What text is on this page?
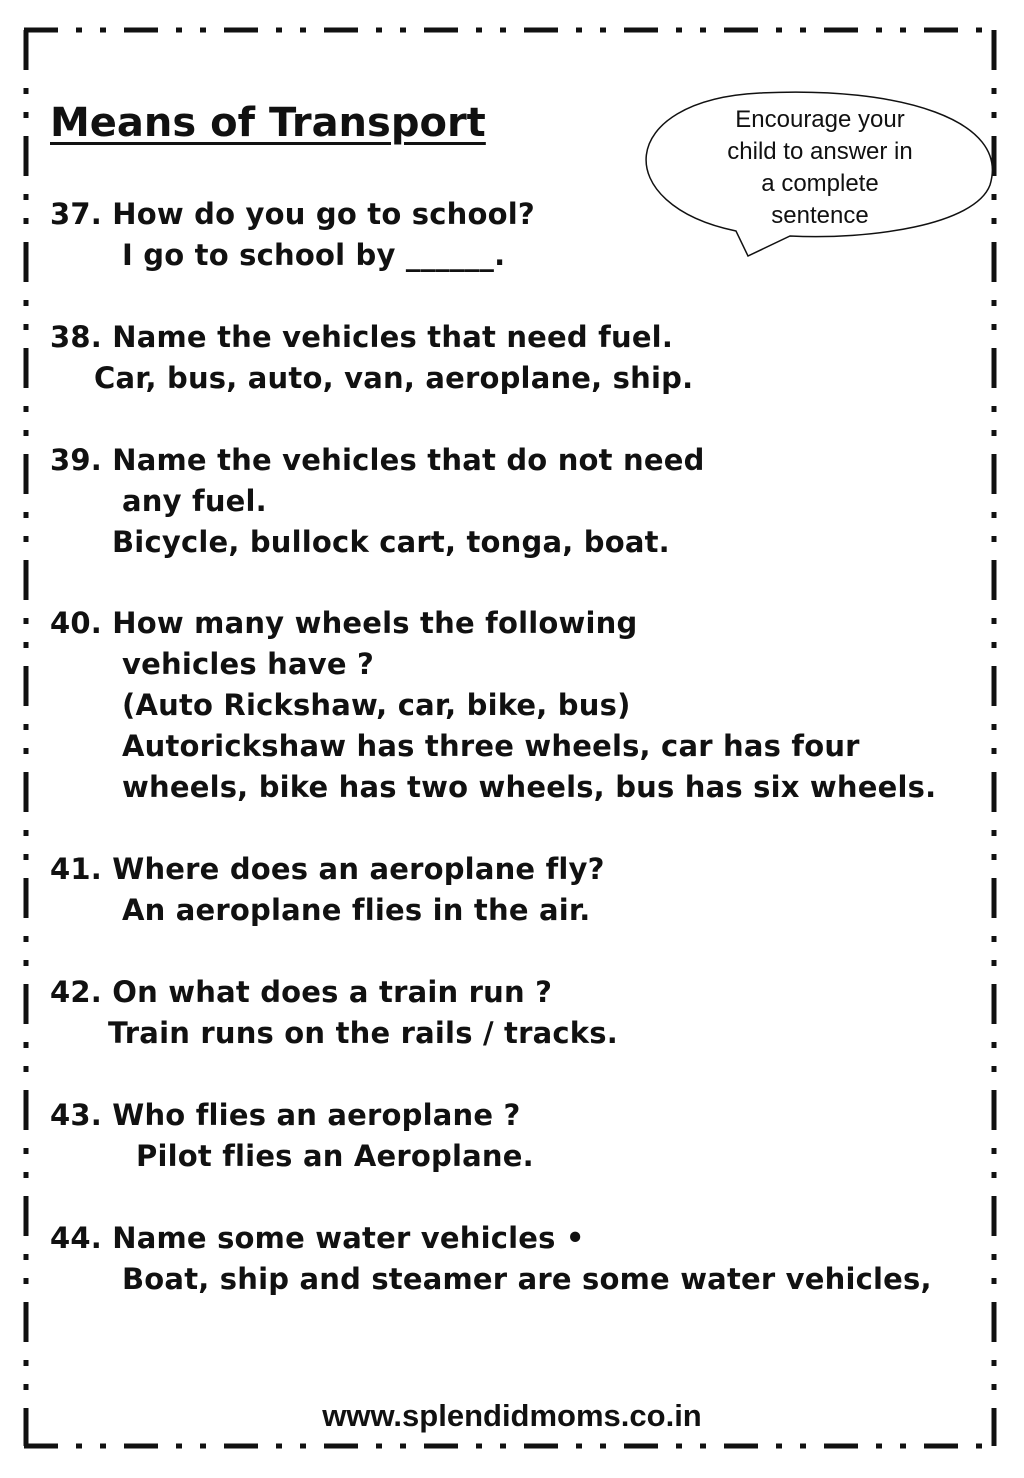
Means of Transport	Encourage your
child to answer in
a complete
sentence
37. How do you go to school?
I go to school by ______.
38. Name the vehicles that need fuel.
Car, bus, auto, van, aeroplane, ship.
39. Name the vehicles that do not need
any fuel.
Bicycle, bullock cart, tonga, boat.
40. How many wheels the following
vehicles have ?
(Auto Rickshaw, car, bike, bus)
Autorickshaw has three wheels, car has four
wheels, bike has two wheels, bus has six wheels.
41. Where does an aeroplane fly?
An aeroplane flies in the air.
42. On what does a train run ?
Train runs on the rails / tracks.
43. Who flies an aeroplane ?
Pilot flies an Aeroplane.
44. Name some water vehicles •
Boat, ship and steamer are some water vehicles,
www.splendidmoms.co.in
